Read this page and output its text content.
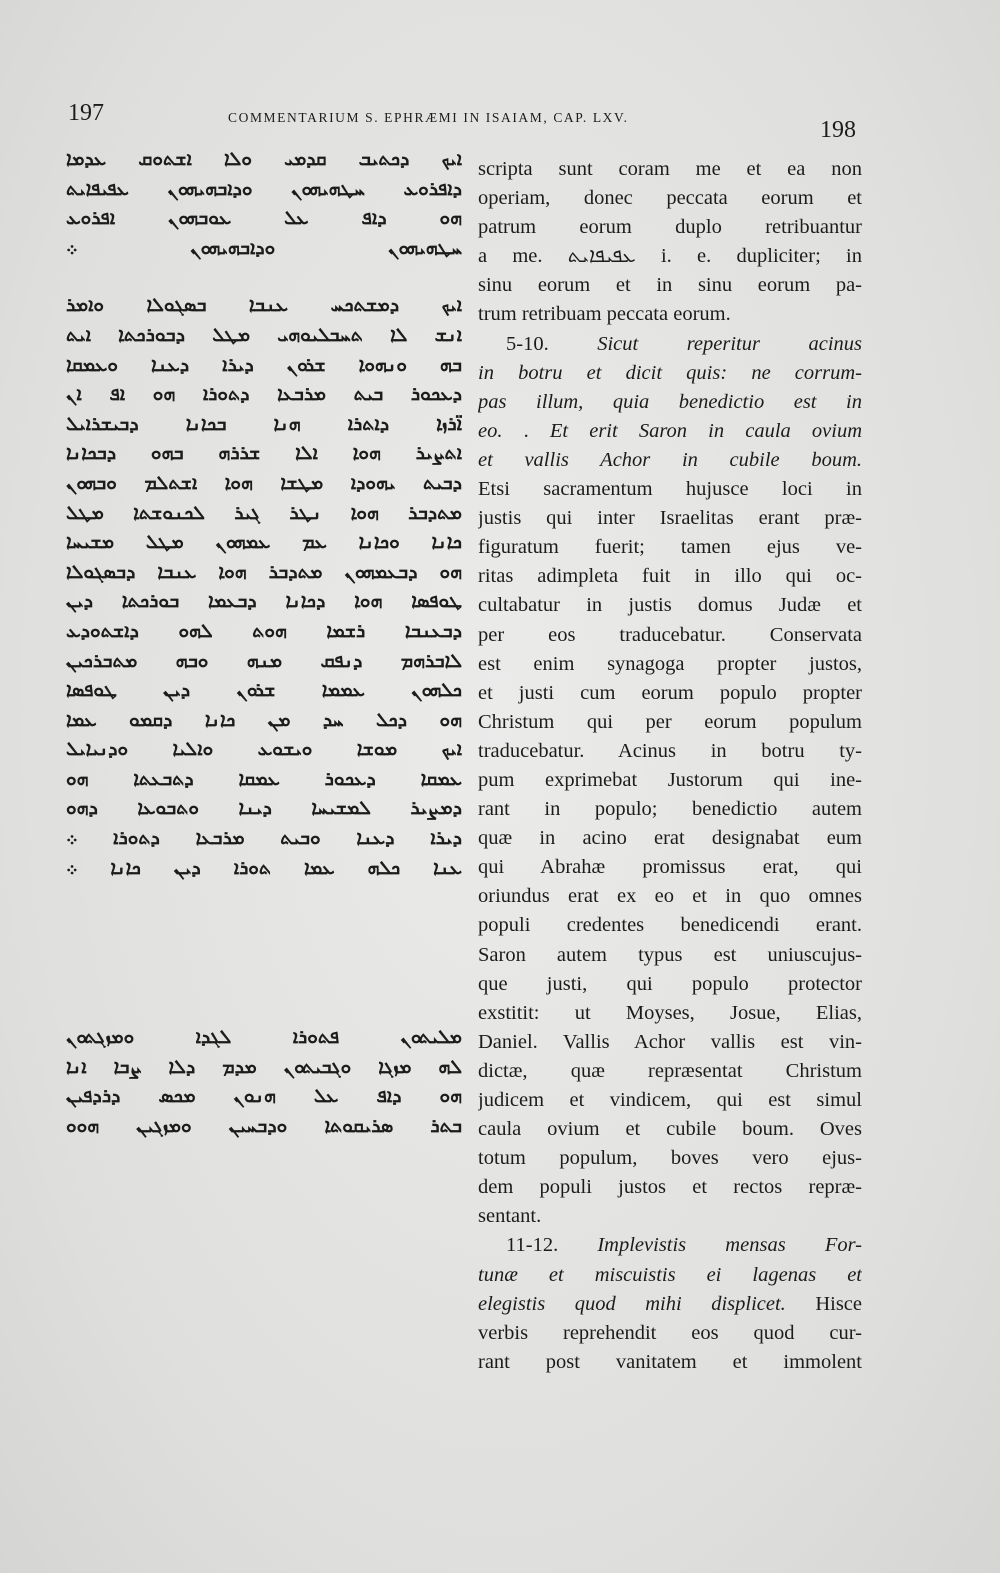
197	COMMENTARIUM S. EPHRÆMI IN ISAIAM, CAP. LXV.	198
ܐܝܟ ܕܟܬܝܒ ܩܕܡܝ ܘܠܐ ܐܫܬܘܩ ܥܕܡܐ
ܕܐܦܪܘܥ ܚܛܗܝܗܘܢ ܘܕܐܒܗܝܗܘܢ ܥܦܝܦܐܝܬ
ܗܘ ܕܐܦ ܥܠ ܥܘܒܗܘܢ ܐܦܪܘܥ
ܚܛܗܝܗܘܢ ܘܕܐܒܗܝܗܘܢ ܀
ܐܝܟ ܕܡܫܬܟܚ ܥܢܒܐ ܒܣܓܘܠܐ ܘܐܡܪ
ܐܢܫ ܠܐ ܬܚܒܠܝܘܗܝ ܡܛܠ ܕܒܘܪܟܬܐ ܐܝܬ
ܒܗ ܘܢܗܘܐ ܫܪܘܢ ܕܝܪܐ ܕܥܢܐ ܘܥܡܩܐ
ܕܥܟܘܪ ܒܝܬ ܡܪܒܥܐ ܕܬܘܪܐ ܗܘ ܐܦ ܐܢ
ܐ̈ܪܙܐ ܕܐܬܪܐ ܗܢܐ ܒܟܐܢܐ ܕܒܝܫܪܐܝܠ
ܐܬܨܝܪ ܗܘܐ ܐܠܐ ܫܪܪܗ ܒܗܘ ܕܒܟܐܢܐ
ܕܒܝܬ ܝܗܘܕܐ ܡܛܫܐ ܗܘܐ ܐܫܬܠܡ ܘܒܗܘܢ
ܡܬܕܒܪ ܗܘܐ ܢܛܪ ܓܝܪ ܠܟܢܘܫܬܐ ܡܛܠ
ܟܐܢܐ ܘܟܐܢܐ ܥܡ ܥܡܗܘܢ ܡܛܠ ܡܫܝܚܐ
ܗܘ ܕܒܥܡܗܘܢ ܡܬܕܒܪ ܗܘܐ ܥܢܒܐ ܕܒܣܓܘܠܐ
ܛܘܦܣܐ ܗܘܐ ܕܟܐܢܐ ܕܒܥܡܐ ܒܘܪܟܬܐ ܕܝܢ
ܕܒܥܢܒܐ ܪܫܡܐ ܗܘܬ ܠܗܘ ܕܐܫܬܘܕܥ
ܠܐܒܪܗܡ ܕܢܦܩ ܡܢܗ ܘܒܗ ܡܬܒܪܟܝܢ
ܟܠܗܘܢ ܥܡܡܐ ܫܪܘܢ ܕܝܢ ܛܘܦܣܐ
ܗܘ ܕܟܠ ܚܕ ܡܢ ܟܐܢܐ ܕܩܡܘ ܥܡܐ
ܐܝܟ ܡܘܫܐ ܘܝܫܘܥ ܘܐܠܝܐ ܘܕܢܝܐܝܠ
ܥܡܩܐ ܕܥܟܘܪ ܥܡܩܐ ܕܬܒܥܬܐ ܗܘ
ܕܡܨܝܪ ܠܡܫܝܚܐ ܕܝܢܐ ܘܬܒܘܥܐ ܕܗܘ
ܕܝܪܐ ܕܥܢܐ ܘܒܝܬ ܡܪܒܥܐ ܕܬܘܪܐ ܀
ܥܢܐ ܟܠܗ ܥܡܐ ܬܘܪܐ ܕܝܢ ܟܐܢܐ ܀
ܡܠܝܬܘܢ ܦܬܘܪܐ ܠܓܕܐ ܘܡܙܓܬܘܢ
ܠܗ ܡܙܓܐ ܘܓܒܝܬܘܢ ܡܕܡ ܕܠܐ ܨܒܐ ܐܢܐ
ܗܘ ܕܐܦ ܥܠ ܗܢܘܢ ܡܟܣ ܕܪܕܦܝܢ
ܒܬܪ ܣܪܝܩܘܬܐ ܘܕܒܚܝܢ ܘܡܙܓܝܢ ܗܘܘ
scripta sunt coram me et ea non
operiam, donec peccata eorum et
patrum eorum duplo retribuantur
a me. ܥܦܝܦܐܝܬ i. e. dupliciter; in
sinu eorum et in sinu eorum pa-
trum retribuam peccata eorum.
5-10. Sicut reperitur acinus
in botru et dicit quis: ne corrum-
pas illum, quia benedictio est in
eo. . Et erit Saron in caula ovium
et vallis Achor in cubile boum.
Etsi sacramentum hujusce loci in
justis qui inter Israelitas erant præ-
figuratum fuerit; tamen ejus ve-
ritas adimpleta fuit in illo qui oc-
cultabatur in justis domus Judæ et
per eos traducebatur. Conservata
est enim synagoga propter justos,
et justi cum eorum populo propter
Christum qui per eorum populum
traducebatur. Acinus in botru ty-
pum exprimebat Justorum qui ine-
rant in populo; benedictio autem
quæ in acino erat designabat eum
qui Abrahæ promissus erat, qui
oriundus erat ex eo et in quo omnes
populi credentes benedicendi erant.
Saron autem typus est uniuscujus-
que justi, qui populo protector
exstitit: ut Moyses, Josue, Elias,
Daniel. Vallis Achor vallis est vin-
dictæ, quæ repræsentat Christum
judicem et vindicem, qui est simul
caula ovium et cubile boum. Oves
totum populum, boves vero ejus-
dem populi justos et rectos repræ-
sentant.
11-12. Implevistis mensas For-
tunæ et miscuistis ei lagenas et
elegistis quod mihi displicet. Hisce
verbis reprehendit eos quod cur-
rant post vanitatem et immolent
